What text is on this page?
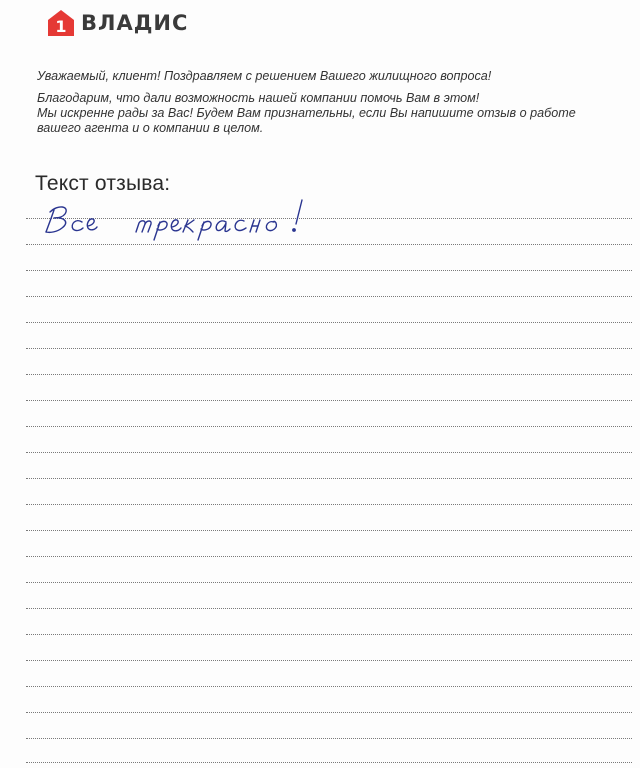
1 ВЛАДИС

Уважаемый, клиент! Поздравляем с решением Вашего жилищного вопроса!

Благодарим, что дали возможность нашей компании помочь Вам в этом!

Мы искренне рады за Вас! Будем Вам признательны, если Вы напишите отзыв о работе

вашего агента и о компании в целом.

Текст отзыва:
